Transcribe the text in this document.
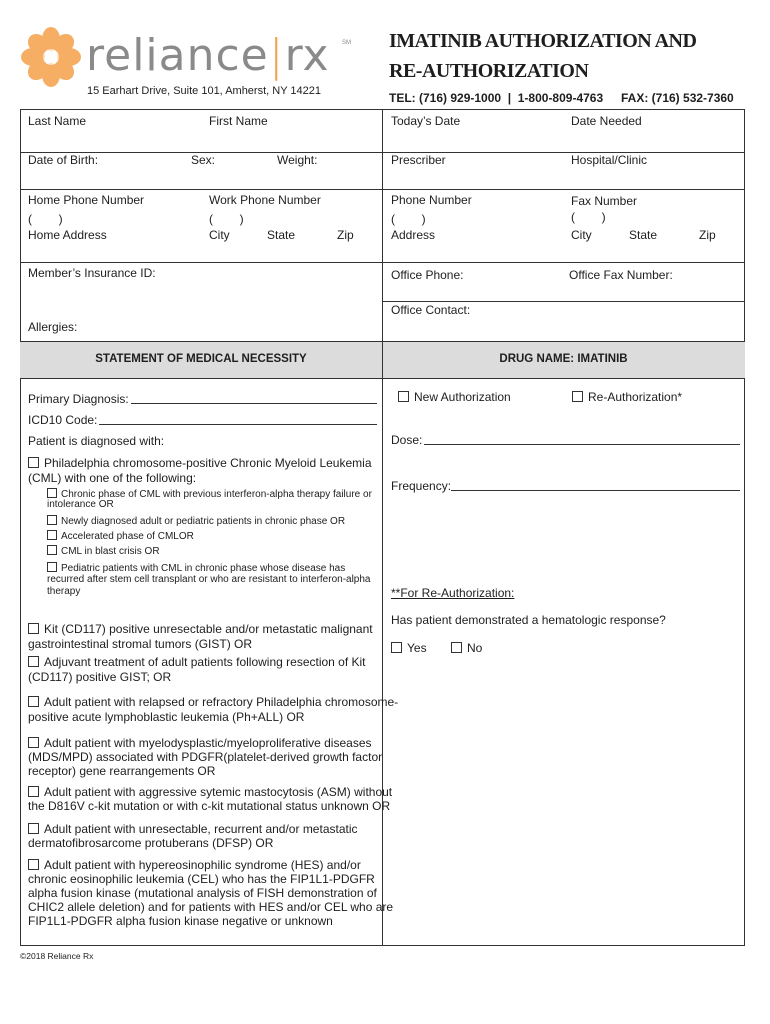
reliance|rx SM
15 Earhart Drive, Suite 101, Amherst, NY 14221
IMATINIB AUTHORIZATION AND
RE-AUTHORIZATION
TEL: (716) 929-1000  |  1-800-809-4763 FAX: (716) 532-7360
STATEMENT OF MEDICAL NECESSITY	DRUG NAME: IMATINIB
Last Name	First Name
Date of Birth:	Sex:	Weight:
Home Phone Number	Work Phone Number
(        )	(        )
Home Address	City	State	Zip
Member’s Insurance ID:
Allergies:
Today’s Date	Date Needed
Prescriber	Hospital/Clinic
Phone Number	Fax Number
(        )	(        )
Address	City	State	Zip
Office Phone:	Office Fax Number:
Office Contact:
Primary Diagnosis:
ICD10 Code:
Patient is diagnosed with:
Philadelphia chromosome-positive Chronic Myeloid Leukemia
(CML) with one of the following:
Chronic phase of CML with previous interferon-alpha therapy failure or
intolerance OR
Newly diagnosed adult or pediatric patients in chronic phase OR
Accelerated phase of CMLOR
CML in blast crisis OR
Pediatric patients with CML in chronic phase whose disease has
recurred after stem cell transplant or who are resistant to interferon-alpha
therapy
Kit (CD117) positive unresectable and/or metastatic malignant
gastrointestinal stromal tumors (GIST) OR
Adjuvant treatment of adult patients following resection of Kit
(CD117) positive GIST; OR
Adult patient with relapsed or refractory Philadelphia chromosome-
positive acute lymphoblastic leukemia (Ph+ALL) OR
Adult patient with myelodysplastic/myeloproliferative diseases
(MDS/MPD) associated with PDGFR(platelet-derived growth factor
receptor) gene rearrangements OR
Adult patient with aggressive sytemic mastocytosis (ASM) without
the D816V c-kit mutation or with c-kit mutational status unknown OR
Adult patient with unresectable, recurrent and/or metastatic
dermatofibrosarcome protuberans (DFSP) OR
Adult patient with hypereosinophilic syndrome (HES) and/or
chronic eosinophilic leukemia (CEL) who has the FIP1L1-PDGFR
alpha fusion kinase (mutational analysis of FISH demonstration of
CHIC2 allele deletion) and for patients with HES and/or CEL who are
FIP1L1-PDGFR alpha fusion kinase negative or unknown
New Authorization	Re-Authorization*
Dose:
Frequency:
**For Re-Authorization:
Has patient demonstrated a hematologic response?
Yes	No
©2018 Reliance Rx
